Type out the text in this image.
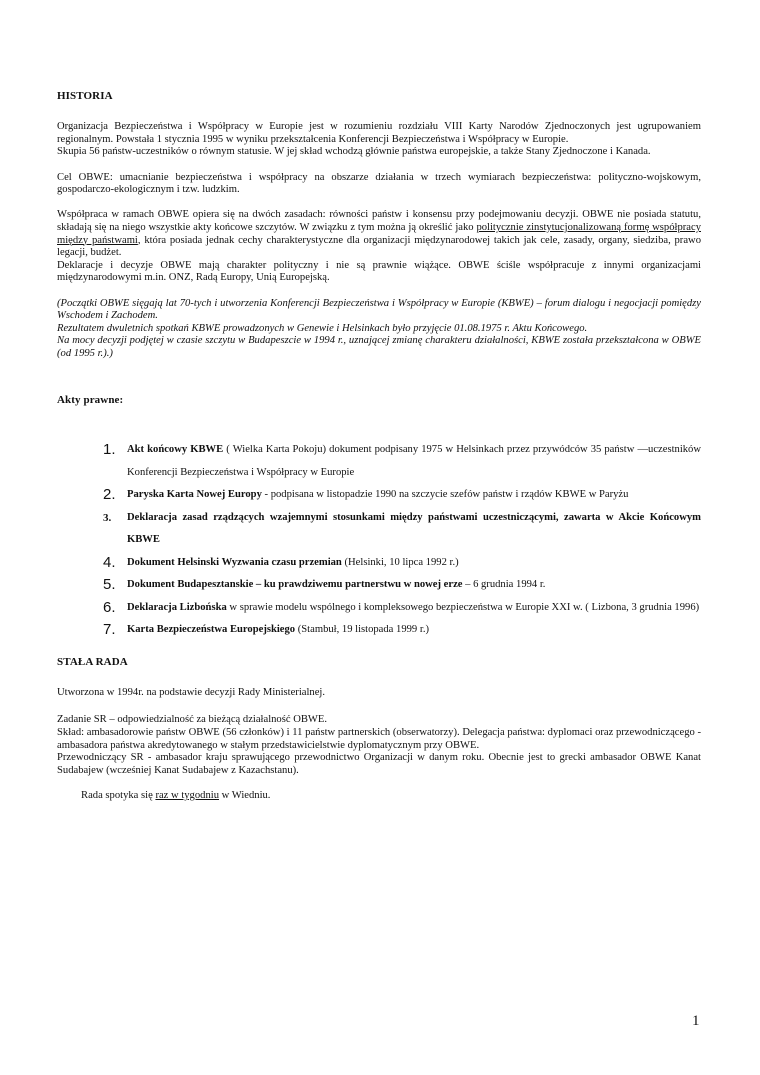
HISTORIA

Organizacja Bezpieczeństwa i Współpracy w Europie jest w rozumieniu rozdziału VIII Karty Narodów Zjednoczonych jest ugrupowaniem regionalnym. Powstała 1 stycznia 1995 w wyniku przekształcenia Konferencji Bezpieczeństwa i Współpracy w Europie.

Skupia 56 państw-uczestników o równym statusie. W jej skład wchodzą głównie państwa europejskie, a także Stany Zjednoczone i Kanada.

Cel OBWE: umacnianie bezpieczeństwa i współpracy na obszarze działania w trzech wymiarach bezpieczeństwa: polityczno-wojskowym, gospodarczo-ekologicznym i tzw. ludzkim.

Współpraca w ramach OBWE opiera się na dwóch zasadach: równości państw i konsensu przy podejmowaniu decyzji. OBWE nie posiada statutu, składają się na niego wszystkie akty końcowe szczytów. W związku z tym można ją określić jako politycznie zinstytucjonalizowaną formę współpracy między państwami, która posiada jednak cechy charakterystyczne dla organizacji międzynarodowej takich jak cele, zasady, organy, siedziba, prawo legacji, budżet.

Deklaracje i decyzje OBWE mają charakter polityczny i nie są prawnie wiążące. OBWE ściśle współpracuje z innymi organizacjami międzynarodowymi m.in. ONZ, Radą Europy, Unią Europejską.

(Początki OBWE sięgają lat 70-tych i utworzenia Konferencji Bezpieczeństwa i Współpracy w Europie (KBWE) – forum dialogu i negocjacji pomiędzy Wschodem i Zachodem.

Rezultatem dwuletnich spotkań KBWE prowadzonych w Genewie i Helsinkach było przyjęcie 01.08.1975 r. Aktu Końcowego.

Na mocy decyzji podjętej w czasie szczytu w Budapeszcie w 1994 r., uznającej zmianę charakteru działalności, KBWE została przekształcona w OBWE (od 1995 r.).)

Akty prawne:
1. Akt końcowy KBWE ( Wielka Karta Pokoju) dokument podpisany 1975 w Helsinkach przez przywódców 35 państw —uczestników Konferencji Bezpieczeństwa i Współpracy w Europie
2. Paryska Karta Nowej Europy - podpisana w listopadzie 1990 na szczycie szefów państw i rządów KBWE w Paryżu
3. Deklaracja zasad rządzących wzajemnymi stosunkami między państwami uczestniczącymi, zawarta w Akcie Końcowym KBWE
4. Dokument Helsinski Wyzwania czasu przemian (Helsinki, 10 lipca 1992 r.)
5. Dokument Budapesztanskie – ku prawdziwemu partnerstwu w nowej erze – 6 grudnia 1994 r.
6. Deklaracja Lizbońska w sprawie modelu wspólnego i kompleksowego bezpieczeństwa w Europie XXI w. ( Lizbona, 3 grudnia 1996)
7. Karta Bezpieczeństwa Europejskiego (Stambuł, 19 listopada 1999 r.)
STAŁA RADA

Utworzona w 1994r. na podstawie decyzji Rady Ministerialnej.

Zadanie SR – odpowiedzialność za bieżącą działalność OBWE.

Skład: ambasadorowie państw OBWE (56 członków) i 11 państw partnerskich (obserwatorzy). Delegacja państwa: dyplomaci oraz przewodniczącego - ambasadora państwa akredytowanego w stałym przedstawicielstwie dyplomatycznym przy OBWE.

Przewodniczący SR - ambasador kraju sprawującego przewodnictwo Organizacji w danym roku. Obecnie jest to grecki ambasador OBWE Kanat Sudabajew (wcześniej Kanat Sudabajew z Kazachstanu).

Rada spotyka się raz w tygodniu w Wiedniu.

1
